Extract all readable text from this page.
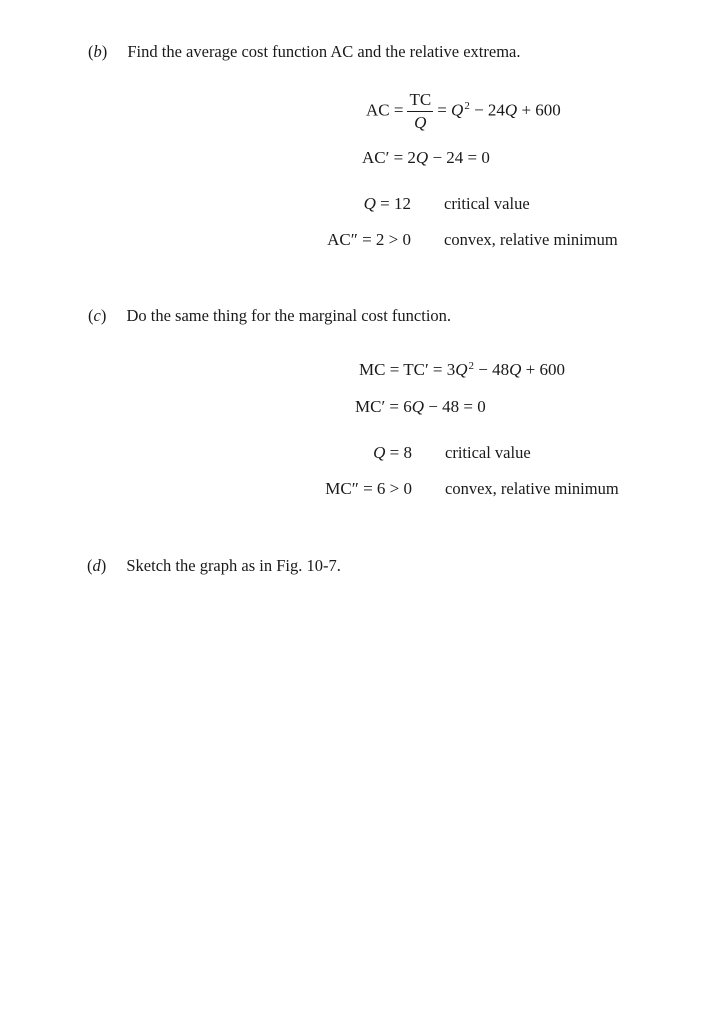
(b) Find the average cost function AC and the relative extrema.
AC = $\frac{TC}{Q} = Q^2 - 24Q + 600$
AC′ = 2Q − 24 = 0
Q = 12 critical value
AC″ = 2 > 0 convex, relative minimum
(c) Do the same thing for the marginal cost function.
MC = $TC' = 3Q^2 - 48Q + 600$
MC′ = 6Q − 48 = 0
Q = 8 critical value
MC″ = 6 > 0 convex, relative minimum
(d) Sketch the graph as in Fig. 10-7.
